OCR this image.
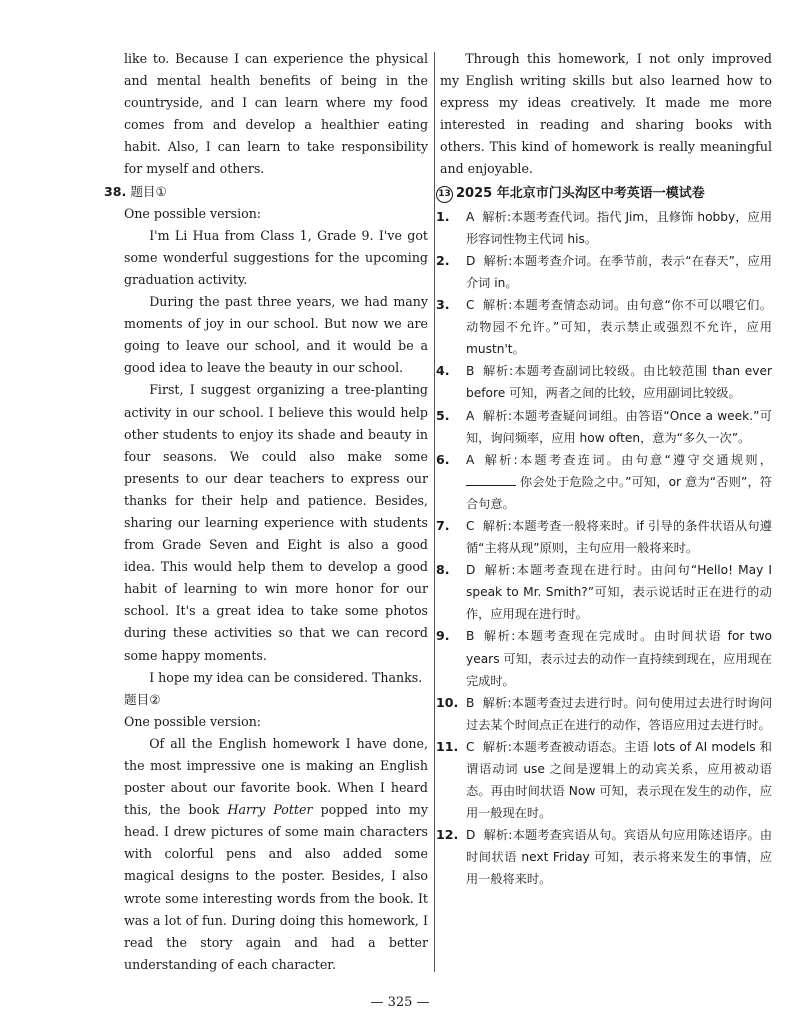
like to. Because I can experience the physical and mental health benefits of being in the countryside, and I can learn where my food comes from and develop a healthier eating habit. Also, I can learn to take responsibility for myself and others.

38. 题目①

One possible version:

I'm Li Hua from Class 1, Grade 9. I've got some wonderful suggestions for the upcoming graduation activity.

During the past three years, we had many moments of joy in our school. But now we are going to leave our school, and it would be a good idea to leave the beauty in our school.

First, I suggest organizing a tree-planting activity in our school. I believe this would help other students to enjoy its shade and beauty in four seasons. We could also make some presents to our dear teachers to express our thanks for their help and patience. Besides, sharing our learning experience with students from Grade Seven and Eight is also a good idea. This would help them to develop a good habit of learning to win more honor for our school. It's a great idea to take some photos during these activities so that we can record some happy moments.

I hope my idea can be considered. Thanks.

题目②

One possible version:

Of all the English homework I have done, the most impressive one is making an English poster about our favorite book. When I heard this, the book Harry Potter popped into my head. I drew pictures of some main characters with colorful pens and also added some magical designs to the poster. Besides, I also wrote some interesting words from the book. It was a lot of fun. During doing this homework, I read the story again and had a better understanding of each character.

Through this homework, I not only improved my English writing skills but also learned how to express my ideas creatively. It made me more interested in reading and sharing books with others. This kind of homework is really meaningful and enjoyable.

13 2025 年北京市门头沟区中考英语一模试卷
1.	A 解析:本题考查代词。指代 Jim，且修饰 hobby，应用形容词性物主代词 his。
2.	D 解析:本题考查介词。在季节前，表示“在春天”，应用介词 in。
3.	C 解析:本题考查情态动词。由句意“你不可以喂它们。动物园不允许。”可知，表示禁止或强烈不允许，应用 mustn't。
4.	B 解析:本题考查副词比较级。由比较范围 than ever before 可知，两者之间的比较，应用副词比较级。
5.	A 解析:本题考查疑问词组。由答语“Once a week.”可知，询问频率，应用 how often，意为“多久一次”。
6.	A 解析:本题考查连词。由句意“遵守交通规则， 你会处于危险之中。”可知，or 意为“否则”，符合句意。
7.	C 解析:本题考查一般将来时。if 引导的条件状语从句遵循“主将从现”原则，主句应用一般将来时。
8.	D 解析:本题考查现在进行时。由问句“Hello! May I speak to Mr. Smith?”可知，表示说话时正在进行的动作，应用现在进行时。
9.	B 解析:本题考查现在完成时。由时间状语 for two years 可知，表示过去的动作一直持续到现在，应用现在完成时。
10. B 解析:本题考查过去进行时。问句使用过去进行时询问过去某个时间点正在进行的动作，答语应用过去进行时。
11. C 解析:本题考查被动语态。主语 lots of AI models 和谓语动词 use 之间是逻辑上的动宾关系，应用被动语态。再由时间状语 Now 可知，表示现在发生的动作，应用一般现在时。
12. D 解析:本题考查宾语从句。宾语从句应用陈述语序。由时间状语 next Friday 可知，表示将来发生的事情，应用一般将来时。
— 325 —
